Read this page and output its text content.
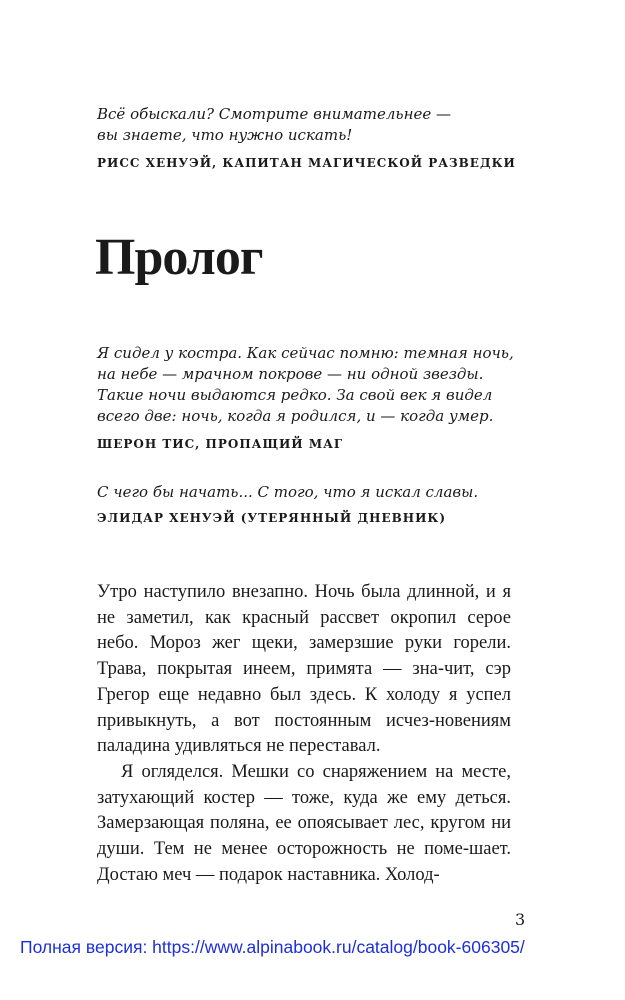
Всё обыскали? Смотрите внимательнее —
вы знаете, что нужно искать!
РИСС ХЕНУЭЙ, КАПИТАН МАГИЧЕСКОЙ РАЗВЕДКИ
Пролог
Я сидел у костра. Как сейчас помню: темная ночь,
на небе — мрачном покрове — ни одной звезды.
Такие ночи выдаются редко. За свой век я видел
всего две: ночь, когда я родился, и — когда умер.
ШЕРОН ТИС, ПРОПАЩИЙ МАГ
С чего бы начать... С того, что я искал славы.
ЭЛИДАР ХЕНУЭЙ (УТЕРЯННЫЙ ДНЕВНИК)

Утро наступило внезапно. Ночь была длинной, и я не заметил, как красный рассвет окропил серое небо. Мороз жег щеки, замерзшие руки горели. Трава, покрытая инеем, примята — зна-чит, сэр Грегор еще недавно был здесь. К холоду я успел привыкнуть, а вот постоянным исчез-новениям паладина удивляться не переставал.

Я огляделся. Мешки со снаряжением на месте, затухающий костер — тоже, куда же ему деться. Замерзающая поляна, ее опоясывает лес, кругом ни души. Тем не менее осторожность не поме-шает. Достаю меч — подарок наставника. Холод-

3
Полная версия: https://www.alpinabook.ru/catalog/book-606305/
